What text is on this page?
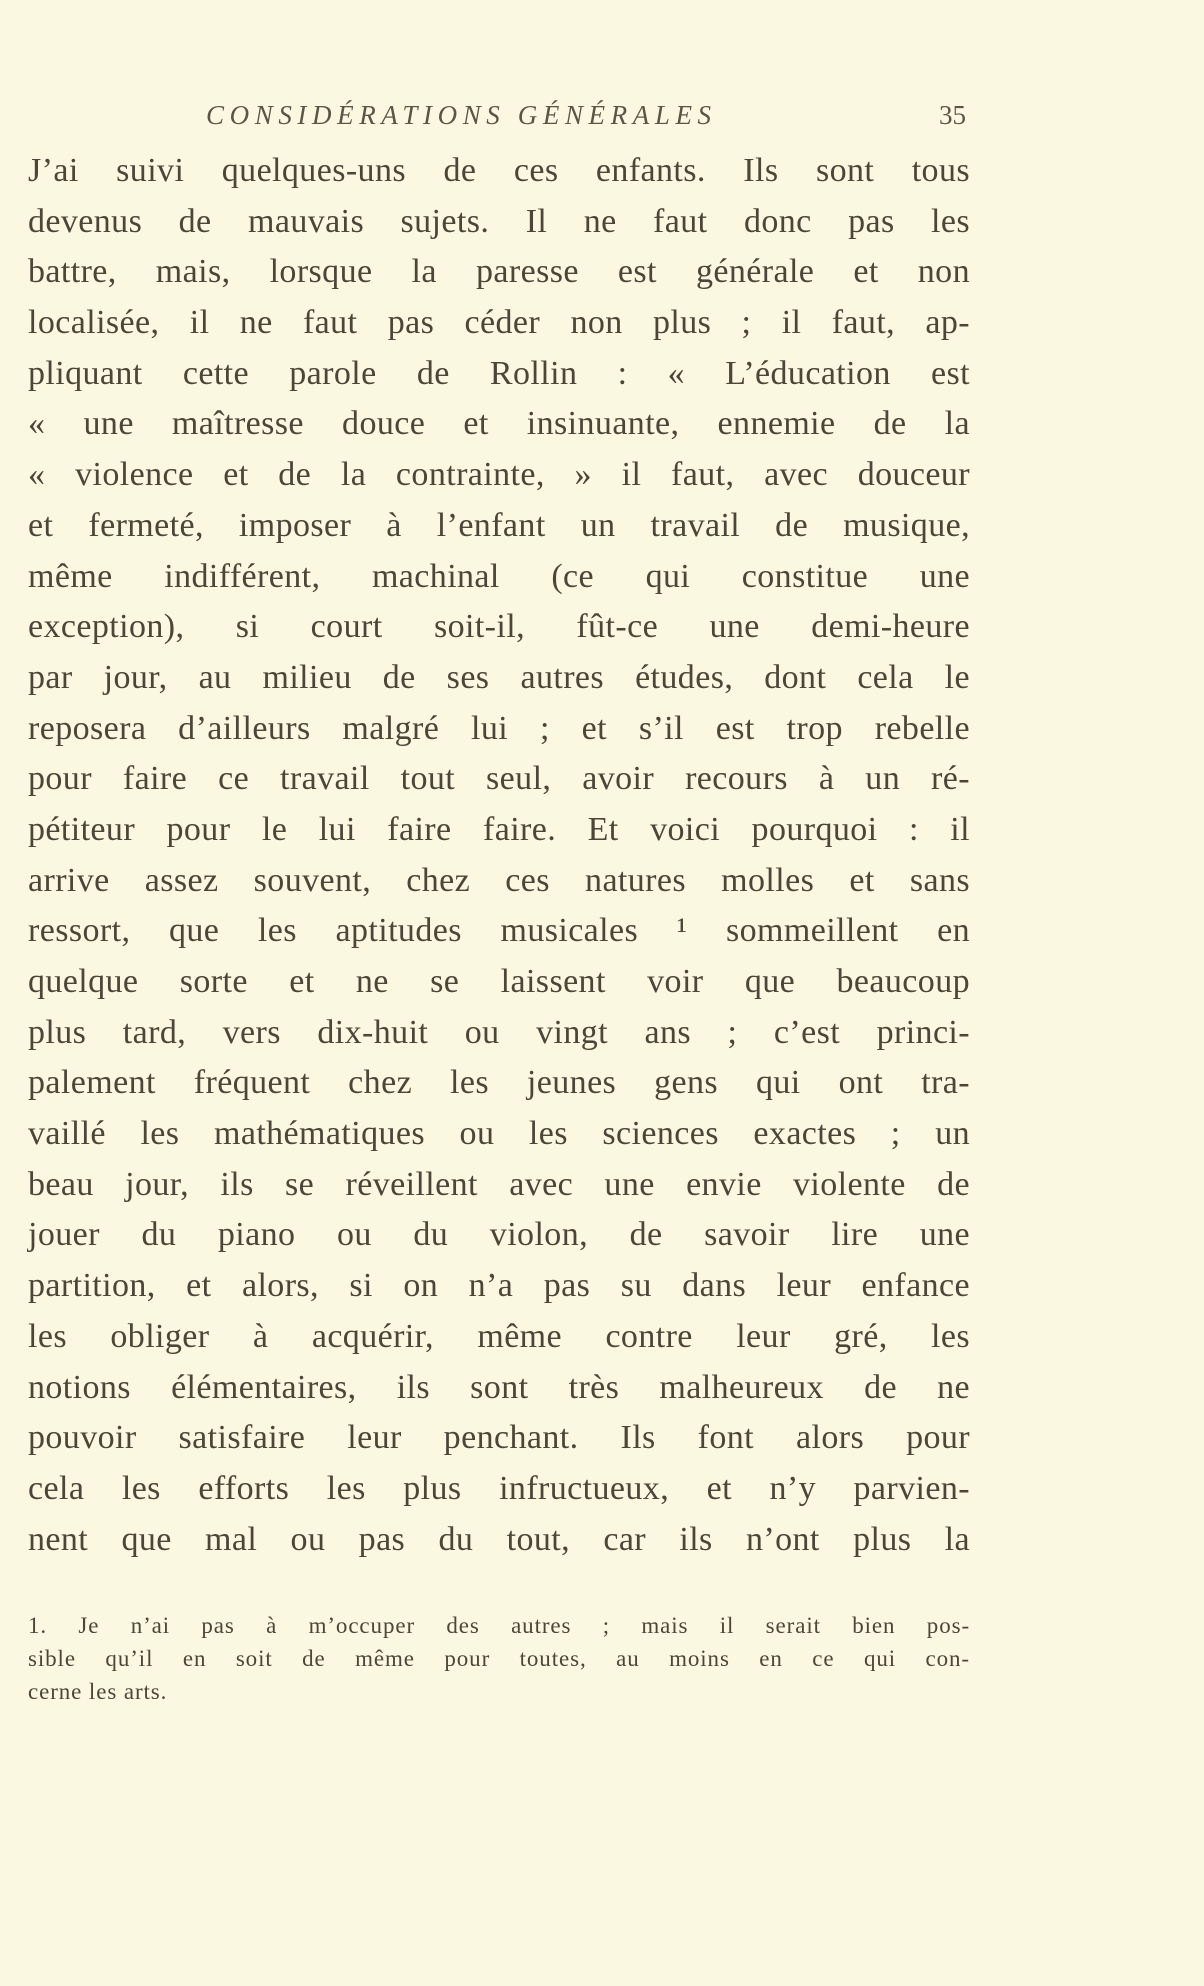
CONSIDÉRATIONS GÉNÉRALES	35
J’ai suivi quelques-uns de ces enfants. Ils sont tous
devenus de mauvais sujets. Il ne faut donc pas les
battre, mais, lorsque la paresse est générale et non
localisée, il ne faut pas céder non plus ; il faut, ap-
pliquant cette parole de Rollin : « L’éducation est
« une maîtresse douce et insinuante, ennemie de la
« violence et de la contrainte, » il faut, avec douceur
et fermeté, imposer à l’enfant un travail de musique,
même indifférent, machinal (ce qui constitue une
exception), si court soit-il, fût-ce une demi-heure
par jour, au milieu de ses autres études, dont cela le
reposera d’ailleurs malgré lui ; et s’il est trop rebelle
pour faire ce travail tout seul, avoir recours à un ré-
pétiteur pour le lui faire faire. Et voici pourquoi : il
arrive assez souvent, chez ces natures molles et sans
ressort, que les aptitudes musicales ¹ sommeillent en
quelque sorte et ne se laissent voir que beaucoup
plus tard, vers dix-huit ou vingt ans ; c’est princi-
palement fréquent chez les jeunes gens qui ont tra-
vaillé les mathématiques ou les sciences exactes ; un
beau jour, ils se réveillent avec une envie violente de
jouer du piano ou du violon, de savoir lire une
partition, et alors, si on n’a pas su dans leur enfance
les obliger à acquérir, même contre leur gré, les
notions élémentaires, ils sont très malheureux de ne
pouvoir satisfaire leur penchant. Ils font alors pour
cela les efforts les plus infructueux, et n’y parvien-
nent que mal ou pas du tout, car ils n’ont plus la
1. Je n’ai pas à m’occuper des autres ; mais il serait bien pos-
sible qu’il en soit de même pour toutes, au moins en ce qui con-
cerne les arts.
